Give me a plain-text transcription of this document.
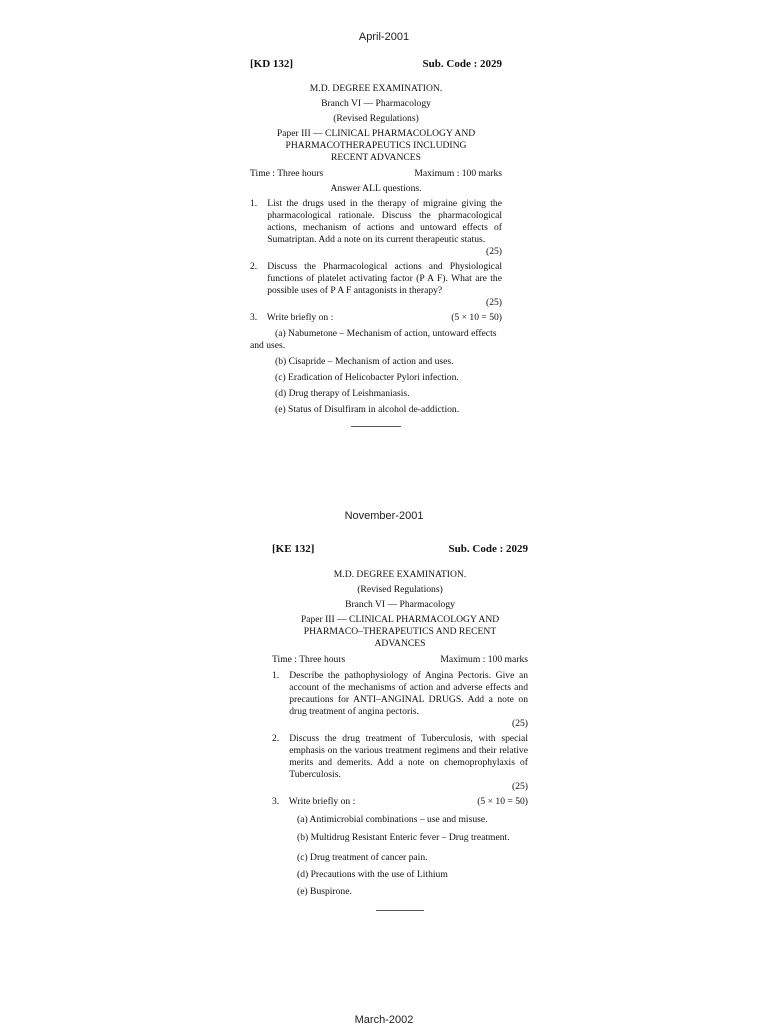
April-2001
[KD 132]	Sub. Code : 2029
M.D. DEGREE EXAMINATION.
Branch VI — Pharmacology
(Revised Regulations)
Paper III — CLINICAL PHARMACOLOGY AND
PHARMACOTHERAPEUTICS INCLUDING
RECENT ADVANCES
Time : Three hours	Maximum : 100 marks
Answer ALL questions.
1. List the drugs used in the therapy of migraine giving the pharmacological rationale. Discuss the pharmacological actions, mechanism of actions and untoward effects of Sumatriptan. Add a note on its current therapeutic status.
(25)
2. Discuss the Pharmacological actions and Physiological functions of platelet activating factor (P A F). What are the possible uses of P A F antagonists in therapy?
(25)
3. Write briefly on :	(5 × 10 = 50)
(a) Nabumetone – Mechanism of action, untoward effects and uses.
(b) Cisapride – Mechanism of action and uses.
(c) Eradication of Helicobacter Pylori infection.
(d) Drug therapy of Leishmaniasis.
(e) Status of Disulfiram in alcohol de-addiction.
November-2001
[KE 132]	Sub. Code : 2029
M.D. DEGREE EXAMINATION.
(Revised Regulations)
Branch VI — Pharmacology
Paper III — CLINICAL PHARMACOLOGY AND
PHARMACO–THERAPEUTICS AND RECENT
ADVANCES
Time : Three hours	Maximum : 100 marks
1. Describe the pathophysiology of Angina Pectoris. Give an account of the mechanisms of action and adverse effects and precautions for ANTI–ANGINAL DRUGS. Add a note on drug treatment of angina pectoris.
(25)
2. Discuss the drug treatment of Tuberculosis, with special emphasis on the various treatment regimens and their relative merits and demerits. Add a note on chemoprophylaxis of Tuberculosis.
(25)
3. Write briefly on :	(5 × 10 = 50)
(a) Antimicrobial combinations – use and misuse.
(b) Multidrug Resistant Enteric fever – Drug treatment.
(c) Drug treatment of cancer pain.
(d) Precautions with the use of Lithium
(e) Buspirone.
March-2002
